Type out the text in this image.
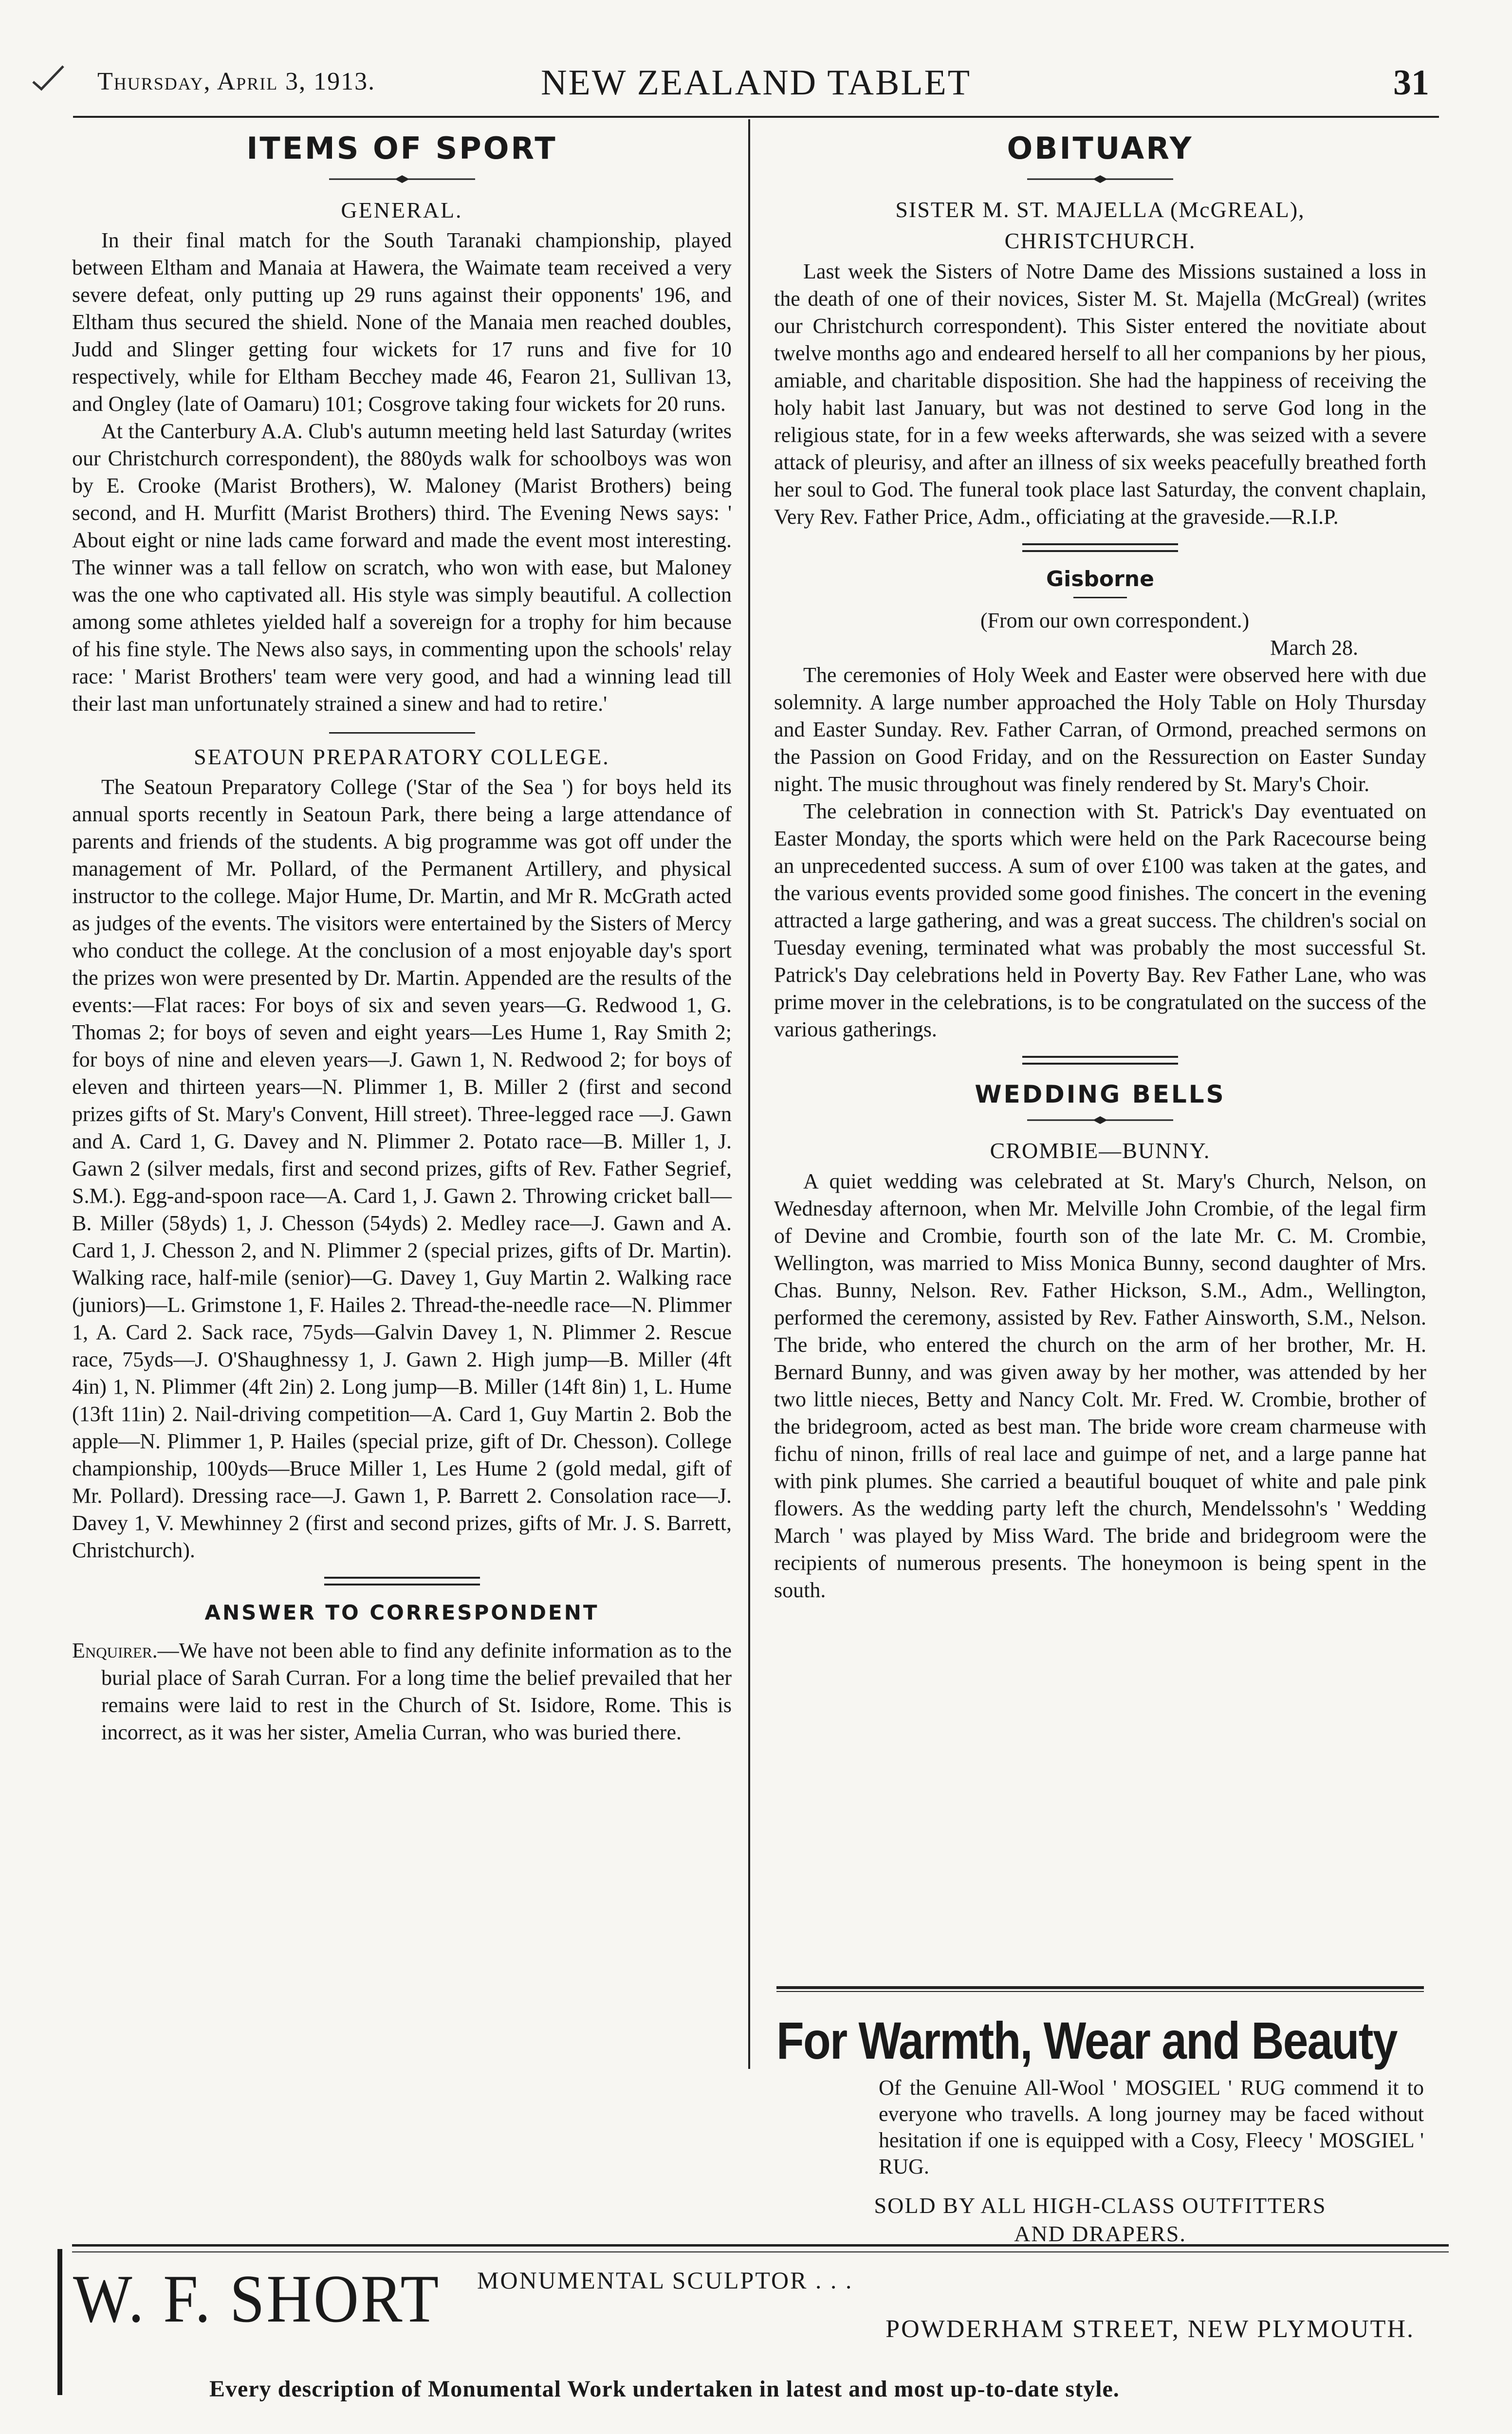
Thursday, April 3, 1913.	NEW ZEALAND TABLET	31
ITEMS OF SPORT
GENERAL.

In their final match for the South Taranaki championship, played between Eltham and Manaia at Hawera, the Waimate team received a very severe defeat, only putting up 29 runs against their opponents' 196, and Eltham thus secured the shield. None of the Manaia men reached doubles, Judd and Slinger getting four wickets for 17 runs and five for 10 respectively, while for Eltham Becchey made 46, Fearon 21, Sullivan 13, and Ongley (late of Oamaru) 101; Cosgrove taking four wickets for 20 runs.

At the Canterbury A.A. Club's autumn meeting held last Saturday (writes our Christchurch correspondent), the 880yds walk for schoolboys was won by E. Crooke (Marist Brothers), W. Maloney (Marist Brothers) being second, and H. Murfitt (Marist Brothers) third. The Evening News says: ' About eight or nine lads came forward and made the event most interesting. The winner was a tall fellow on scratch, who won with ease, but Maloney was the one who captivated all. His style was simply beautiful. A collection among some athletes yielded half a sovereign for a trophy for him because of his fine style. The News also says, in commenting upon the schools' relay race: ' Marist Brothers' team were very good, and had a winning lead till their last man unfortunately strained a sinew and had to retire.'

SEATOUN PREPARATORY COLLEGE.

The Seatoun Preparatory College ('Star of the Sea ') for boys held its annual sports recently in Seatoun Park, there being a large attendance of parents and friends of the students. A big programme was got off under the management of Mr. Pollard, of the Permanent Artillery, and physical instructor to the college. Major Hume, Dr. Martin, and Mr R. McGrath acted as judges of the events. The visitors were entertained by the Sisters of Mercy who conduct the college. At the conclusion of a most enjoyable day's sport the prizes won were presented by Dr. Martin. Appended are the results of the events:—Flat races: For boys of six and seven years—G. Redwood 1, G. Thomas 2; for boys of seven and eight years—Les Hume 1, Ray Smith 2; for boys of nine and eleven years—J. Gawn 1, N. Redwood 2; for boys of eleven and thirteen years—N. Plimmer 1, B. Miller 2 (first and second prizes gifts of St. Mary's Convent, Hill street). Three-legged race —J. Gawn and A. Card 1, G. Davey and N. Plimmer 2. Potato race—B. Miller 1, J. Gawn 2 (silver medals, first and second prizes, gifts of Rev. Father Segrief, S.M.). Egg-and-spoon race—A. Card 1, J. Gawn 2. Throwing cricket ball—B. Miller (58yds) 1, J. Chesson (54yds) 2. Medley race—J. Gawn and A. Card 1, J. Chesson 2, and N. Plimmer 2 (special prizes, gifts of Dr. Martin). Walking race, half-mile (senior)—G. Davey 1, Guy Martin 2. Walking race (juniors)—L. Grimstone 1, F. Hailes 2. Thread-the-needle race—N. Plimmer 1, A. Card 2. Sack race, 75yds—Galvin Davey 1, N. Plimmer 2. Rescue race, 75yds—J. O'Shaughnessy 1, J. Gawn 2. High jump—B. Miller (4ft 4in) 1, N. Plimmer (4ft 2in) 2. Long jump—B. Miller (14ft 8in) 1, L. Hume (13ft 11in) 2. Nail-driving competition—A. Card 1, Guy Martin 2. Bob the apple—N. Plimmer 1, P. Hailes (special prize, gift of Dr. Chesson). College championship, 100yds—Bruce Miller 1, Les Hume 2 (gold medal, gift of Mr. Pollard). Dressing race—J. Gawn 1, P. Barrett 2. Consolation race—J. Davey 1, V. Mewhinney 2 (first and second prizes, gifts of Mr. J. S. Barrett, Christchurch).

ANSWER TO CORRESPONDENT

Enquirer.—We have not been able to find any definite information as to the burial place of Sarah Curran. For a long time the belief prevailed that her remains were laid to rest in the Church of St. Isidore, Rome. This is incorrect, as it was her sister, Amelia Curran, who was buried there.

OBITUARY
SISTER M. ST. MAJELLA (McGREAL),
CHRISTCHURCH.

Last week the Sisters of Notre Dame des Missions sustained a loss in the death of one of their novices, Sister M. St. Majella (McGreal) (writes our Christchurch correspondent). This Sister entered the novitiate about twelve months ago and endeared herself to all her companions by her pious, amiable, and charitable disposition. She had the happiness of receiving the holy habit last January, but was not destined to serve God long in the religious state, for in a few weeks afterwards, she was seized with a severe attack of pleurisy, and after an illness of six weeks peacefully breathed forth her soul to God. The funeral took place last Saturday, the convent chaplain, Very Rev. Father Price, Adm., officiating at the graveside.—R.I.P.

Gisborne

(From our own correspondent.)

March 28.

The ceremonies of Holy Week and Easter were observed here with due solemnity. A large number approached the Holy Table on Holy Thursday and Easter Sunday. Rev. Father Carran, of Ormond, preached sermons on the Passion on Good Friday, and on the Ressurection on Easter Sunday night. The music throughout was finely rendered by St. Mary's Choir.

The celebration in connection with St. Patrick's Day eventuated on Easter Monday, the sports which were held on the Park Racecourse being an unprecedented success. A sum of over £100 was taken at the gates, and the various events provided some good finishes. The concert in the evening attracted a large gathering, and was a great success. The children's social on Tuesday evening, terminated what was probably the most successful St. Patrick's Day celebrations held in Poverty Bay. Rev Father Lane, who was prime mover in the celebrations, is to be congratulated on the success of the various gatherings.

WEDDING BELLS
CROMBIE—BUNNY.

A quiet wedding was celebrated at St. Mary's Church, Nelson, on Wednesday afternoon, when Mr. Melville John Crombie, of the legal firm of Devine and Crombie, fourth son of the late Mr. C. M. Crombie, Wellington, was married to Miss Monica Bunny, second daughter of Mrs. Chas. Bunny, Nelson. Rev. Father Hickson, S.M., Adm., Wellington, performed the ceremony, assisted by Rev. Father Ainsworth, S.M., Nelson. The bride, who entered the church on the arm of her brother, Mr. H. Bernard Bunny, and was given away by her mother, was attended by her two little nieces, Betty and Nancy Colt. Mr. Fred. W. Crombie, brother of the bridegroom, acted as best man. The bride wore cream charmeuse with fichu of ninon, frills of real lace and guimpe of net, and a large panne hat with pink plumes. She carried a beautiful bouquet of white and pale pink flowers. As the wedding party left the church, Mendelssohn's ' Wedding March ' was played by Miss Ward. The bride and bridegroom were the recipients of numerous presents. The honeymoon is being spent in the south.

For Warmth, Wear and Beauty
Of the Genuine All-Wool ' MOSGIEL ' RUG commend it to everyone who travells. A long journey may be faced without hesitation if one is equipped with a Cosy, Fleecy ' MOSGIEL ' RUG.
SOLD BY ALL HIGH-CLASS OUTFITTERS
AND DRAPERS.
W. F. SHORT MONUMENTAL SCULPTOR . . .
POWDERHAM STREET, NEW PLYMOUTH.
Every description of Monumental Work undertaken in latest and most up-to-date style.
